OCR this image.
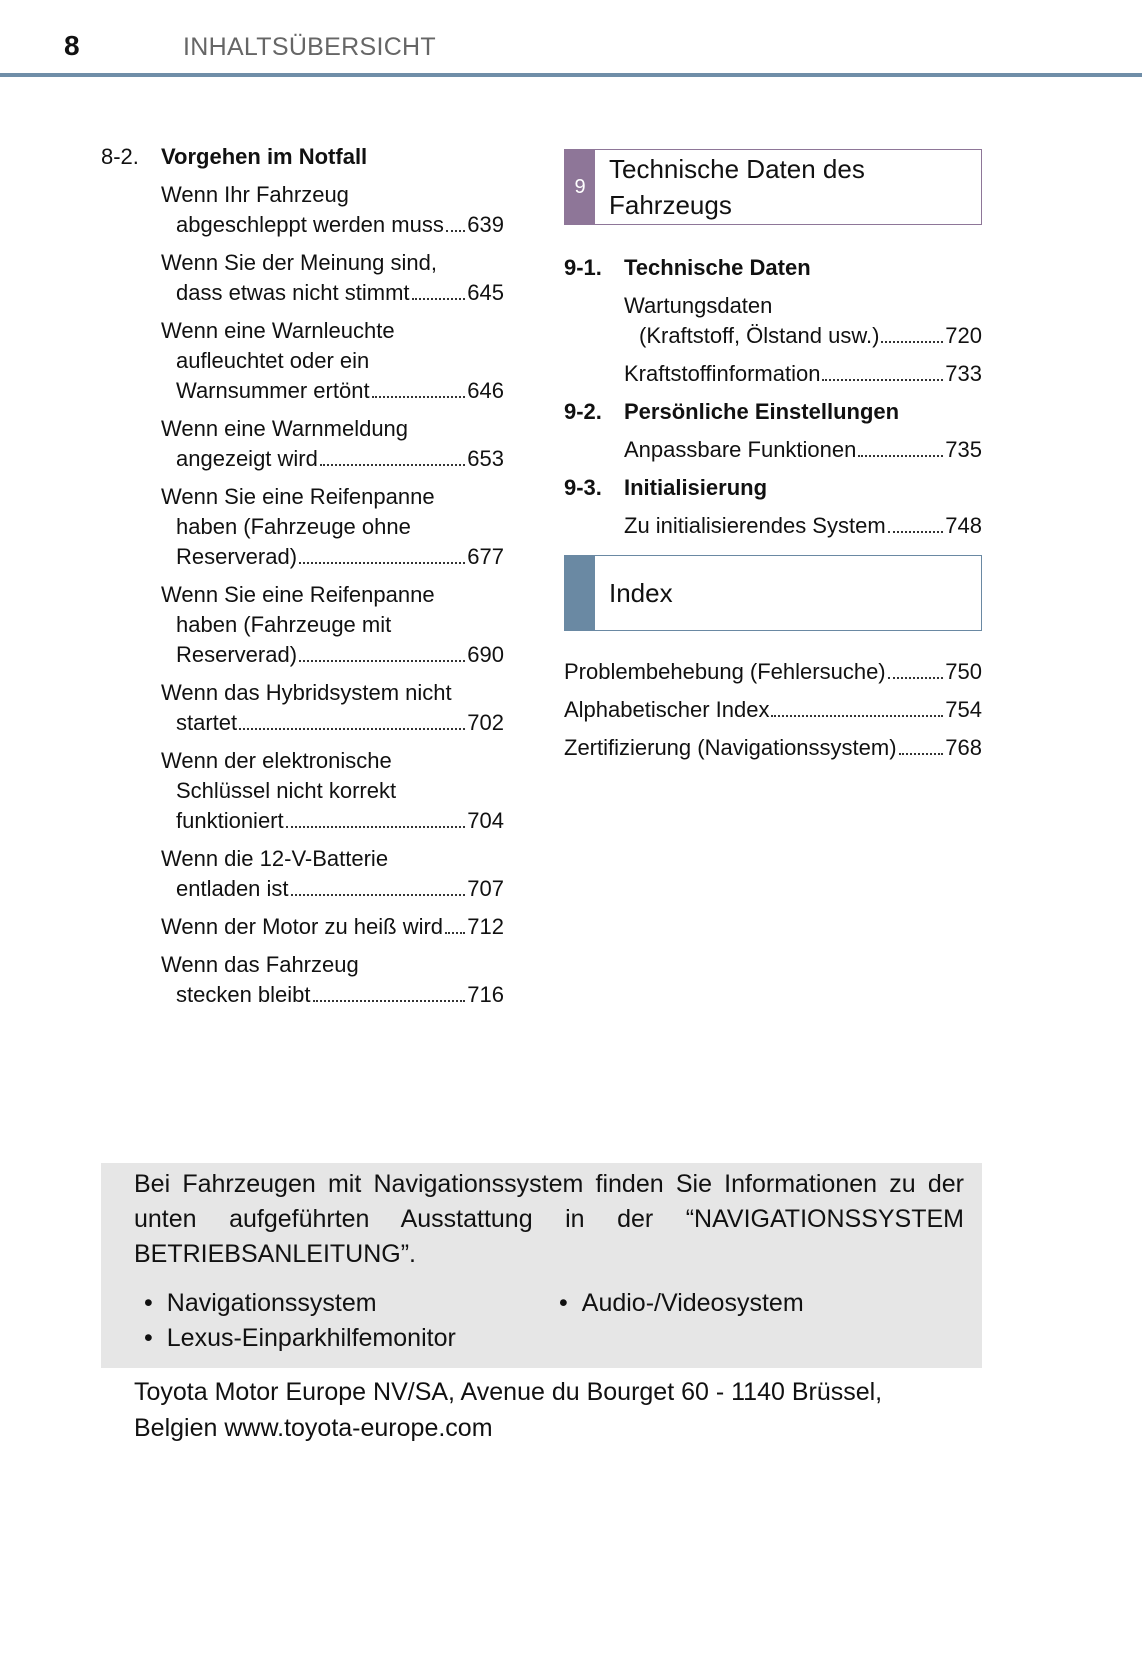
8	INHALTSÜBERSICHT
8-2.	Vorgehen im Notfall
Wenn Ihr Fahrzeug
abgeschleppt werden muss 639
Wenn Sie der Meinung sind,
dass etwas nicht stimmt	645
Wenn eine Warnleuchte
aufleuchtet oder ein
Warnsummer ertönt	646
Wenn eine Warnmeldung
angezeigt wird	653
Wenn Sie eine Reifenpanne
haben (Fahrzeuge ohne
Reserverad)	677
Wenn Sie eine Reifenpanne
haben (Fahrzeuge mit
Reserverad)	690
Wenn das Hybridsystem nicht
startet	702
Wenn der elektronische
Schlüssel nicht korrekt
funktioniert	704
Wenn die 12-V-Batterie
entladen ist	707
Wenn der Motor zu heiß wird 712
Wenn das Fahrzeug
stecken bleibt	716
9
Technische Daten des
Fahrzeugs
9-1.	Technische Daten
Wartungsdaten
(Kraftstoff, Ölstand usw.)	720
Kraftstoffinformation	733
9-2.	Persönliche Einstellungen
Anpassbare Funktionen	735
9-3.	Initialisierung
Zu initialisierendes System	748
Index
Problembehebung (Fehlersuche)	750
Alphabetischer Index	754
Zertifizierung (Navigationssystem) 768

Bei Fahrzeugen mit Navigationssystem finden Sie Informationen zu der unten aufgeführten Ausstattung in der “NAVIGATIONSSYSTEM BETRIEBSANLEITUNG”.

• Navigationssystem	• Audio-/Videosystem
• Lexus-Einparkhilfemonitor
Toyota Motor Europe NV/SA, Avenue du Bourget 60 - 1140 Brüssel,
Belgien www.toyota-europe.com
